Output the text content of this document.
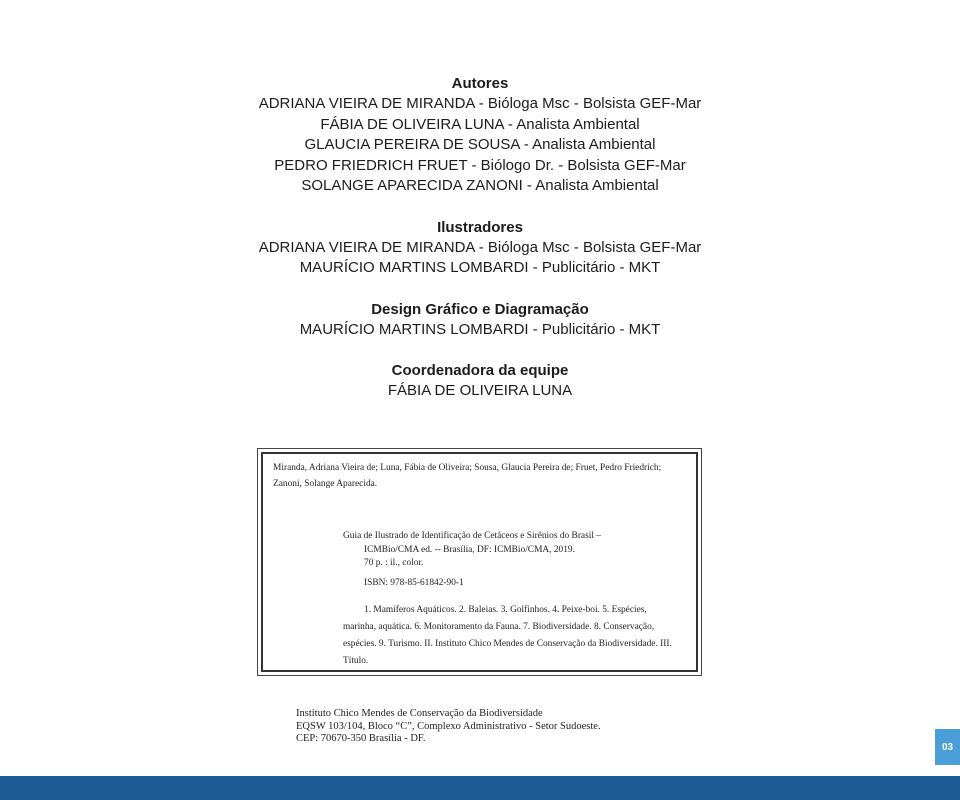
Autores
ADRIANA VIEIRA DE MIRANDA - Bióloga Msc - Bolsista GEF-Mar
FÁBIA DE OLIVEIRA LUNA - Analista Ambiental
GLAUCIA PEREIRA DE SOUSA - Analista Ambiental
PEDRO FRIEDRICH FRUET - Biólogo Dr. - Bolsista GEF-Mar
SOLANGE APARECIDA ZANONI - Analista Ambiental
Ilustradores
ADRIANA VIEIRA DE MIRANDA - Bióloga Msc - Bolsista GEF-Mar
MAURÍCIO MARTINS LOMBARDI - Publicitário - MKT
Design Gráfico e Diagramação
MAURÍCIO MARTINS LOMBARDI - Publicitário - MKT
Coordenadora da equipe
FÁBIA DE OLIVEIRA LUNA
Miranda, Adriana Vieira de; Luna, Fábia de Oliveira; Sousa, Glaucia Pereira de; Fruet, Pedro Friedrich; Zanoni, Solange Aparecida.
Guia de Ilustrado de Identificação de Cetáceos e Sirênios do Brasil –
ICMBio/CMA ed. -- Brasília, DF: ICMBio/CMA, 2019.
70 p. : il., color.
ISBN: 978-85-61842-90-1
1. Mamíferos Aquáticos. 2. Baleias. 3. Golfinhos. 4. Peixe-boi. 5. Espécies, marinha, aquática. 6. Monitoramento da Fauna. 7. Biodiversidade. 8. Conservação, espécies. 9. Turismo. II. Instituto Chico Mendes de Conservação da Biodiversidade. III. Título.
Instituto Chico Mendes de Conservação da Biodiversidade
EQSW 103/104, Bloco “C”, Complexo Administrativo - Setor Sudoeste.
CEP: 70670-350 Brasília - DF.
03
